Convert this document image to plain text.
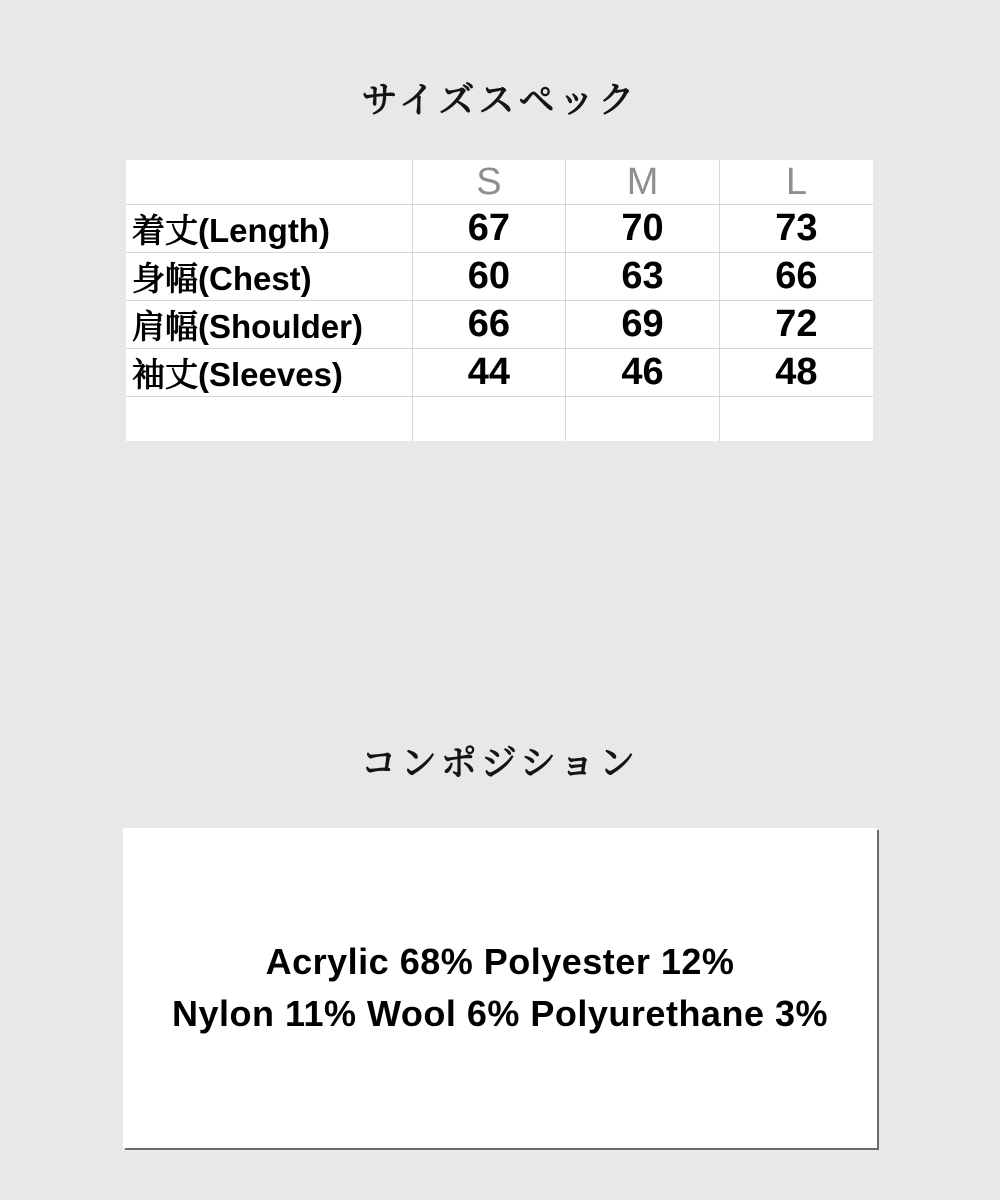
サイズスペック
	S	M	L
着丈(Length)	67	70	73
身幅(Chest)	60	63	66
肩幅(Shoulder)	66	69	72
袖丈(Sleeves)	44	46	48

コンポジション

Acrylic 68% Polyester 12%

Nylon 11% Wool 6% Polyurethane 3%
